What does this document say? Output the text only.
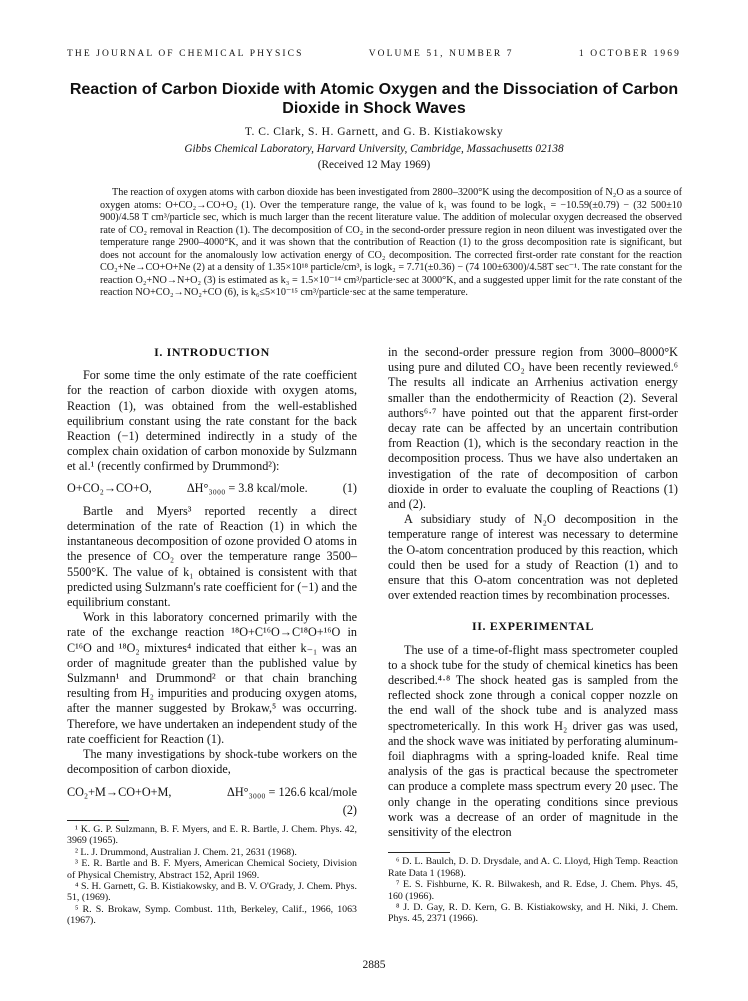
THE JOURNAL OF CHEMICAL PHYSICS	VOLUME 51, NUMBER 7	1 OCTOBER 1969
Reaction of Carbon Dioxide with Atomic Oxygen and the Dissociation of Carbon
Dioxide in Shock Waves
T. C. Clark, S. H. Garnett, and G. B. Kistiakowsky
Gibbs Chemical Laboratory, Harvard University, Cambridge, Massachusetts 02138
(Received 12 May 1969)

The reaction of oxygen atoms with carbon dioxide has been investigated from 2800–3200°K using the decomposition of N₂O as a source of oxygen atoms: O+CO₂→CO+O₂ (1). Over the temperature range, the value of k₁ was found to be logk₁ = −10.59(±0.79) − (32 500±10 900)/4.58 T cm³/particle sec, which is much larger than the recent literature value. The addition of molecular oxygen decreased the observed rate of CO₂ removal in Reaction (1). The decomposition of CO₂ in the second-order pressure region in neon diluent was investigated over the temperature range 2900–4000°K, and it was shown that the contribution of Reaction (1) to the gross decomposition rate is significant, but does not account for the anomalously low activation energy of CO₂ decomposition. The corrected first-order rate constant for the reaction CO₂+Ne→CO+O+Ne (2) at a density of 1.35×10¹⁸ particle/cm³, is logk₂ = 7.71(±0.36) − (74 100±6300)/4.58T sec⁻¹. The rate constant for the reaction O₂+NO→N+O₂ (3) is estimated as k₃ = 1.5×10⁻¹⁴ cm³/particle·sec at 3000°K, and a suggested upper limit for the rate constant of the reaction NO+CO₂→NO₂+CO (6), is k₆≤5×10⁻¹⁵ cm³/particle·sec at the same temperature.

I. INTRODUCTION

For some time the only estimate of the rate coefficient for the reaction of carbon dioxide with oxygen atoms, Reaction (1), was obtained from the well-established equilibrium constant using the rate constant for the back Reaction (−1) determined indirectly in a study of the complex chain oxidation of carbon monoxide by Sulzmann et al.¹ (recently confirmed by Drummond²):

O+CO₂→CO+O,	ΔH°₃₀₀₀ = 3.8 kcal/mole.	(1)

Bartle and Myers³ reported recently a direct determination of the rate of Reaction (1) in which the instantaneous decomposition of ozone provided O atoms in the presence of CO₂ over the temperature range 3500–5500°K. The value of k₁ obtained is consistent with that predicted using Sulzmann's rate coefficient for (−1) and the equilibrium constant.

Work in this laboratory concerned primarily with the rate of the exchange reaction ¹⁸O+C¹⁶O→C¹⁸O+¹⁶O in C¹⁶O and ¹⁸O₂ mixtures⁴ indicated that either k₋₁ was an order of magnitude greater than the published value by Sulzmann¹ and Drummond² or that chain branching resulting from H₂ impurities and producing oxygen atoms, after the manner suggested by Brokaw,⁵ was occurring. Therefore, we have undertaken an independent study of the rate coefficient for Reaction (1).

The many investigations by shock-tube workers on the decomposition of carbon dioxide,

CO₂+M→CO+O+M,	ΔH°₃₀₀₀ = 126.6 kcal/mole
(2)

¹ K. G. P. Sulzmann, B. F. Myers, and E. R. Bartle, J. Chem. Phys. 42, 3969 (1965).

² L. J. Drummond, Australian J. Chem. 21, 2631 (1968).

³ E. R. Bartle and B. F. Myers, American Chemical Society, Division of Physical Chemistry, Abstract 152, April 1969.

⁴ S. H. Garnett, G. B. Kistiakowsky, and B. V. O'Grady, J. Chem. Phys. 51, (1969).

⁵ R. S. Brokaw, Symp. Combust. 11th, Berkeley, Calif., 1966, 1063 (1967).

in the second-order pressure region from 3000–8000°K using pure and diluted CO₂ have been recently reviewed.⁶ The results all indicate an Arrhenius activation energy smaller than the endothermicity of Reaction (2). Several authors⁶·⁷ have pointed out that the apparent first-order decay rate can be affected by an uncertain contribution from Reaction (1), which is the secondary reaction in the decomposition process. Thus we have also undertaken an investigation of the rate of decomposition of carbon dioxide in order to evaluate the coupling of Reactions (1) and (2).

A subsidiary study of N₂O decomposition in the temperature range of interest was necessary to determine the O-atom concentration produced by this reaction, which could then be used for a study of Reaction (1) and to ensure that this O-atom concentration was not depleted over extended reaction times by recombination processes.

II. EXPERIMENTAL

The use of a time-of-flight mass spectrometer coupled to a shock tube for the study of chemical kinetics has been described.⁴·⁸ The shock heated gas is sampled from the reflected shock zone through a conical copper nozzle on the end wall of the shock tube and is analyzed mass spectrometerically. In this work H₂ driver gas was used, and the shock wave was initiated by perforating aluminum-foil diaphragms with a spring-loaded knife. Real time analysis of the gas is practical because the spectrometer can produce a complete mass spectrum every 20 μsec. The only change in the operating conditions since previous work was a decrease of an order of magnitude in the sensitivity of the electron

⁶ D. L. Baulch, D. D. Drysdale, and A. C. Lloyd, High Temp. Reaction Rate Data 1 (1968).

⁷ E. S. Fishburne, K. R. Bilwakesh, and R. Edse, J. Chem. Phys. 45, 160 (1966).

⁸ J. D. Gay, R. D. Kern, G. B. Kistiakowsky, and H. Niki, J. Chem. Phys. 45, 2371 (1966).

2885
